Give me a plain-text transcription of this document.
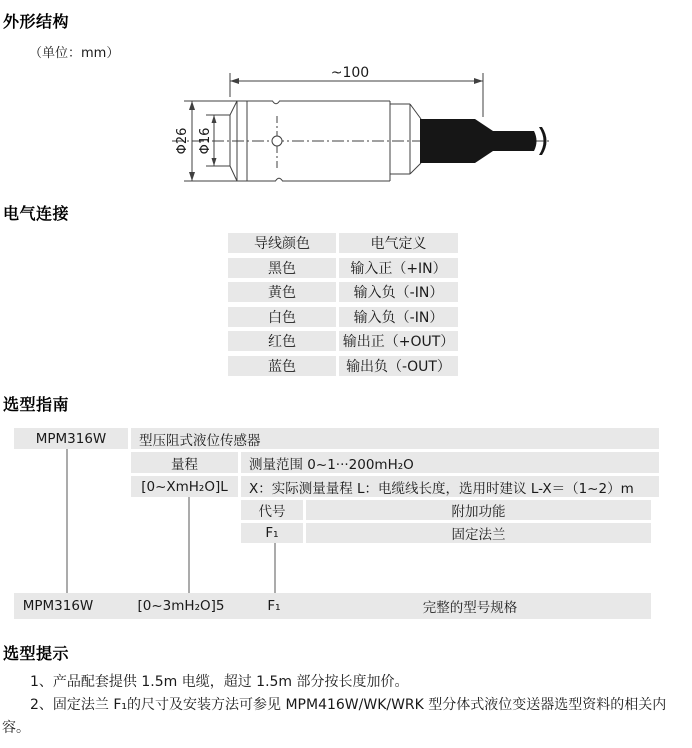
外形结构
（单位：mm）
~100
Φ26 Φ16
电气连接
导线颜色	电气定义
黑色	输入正（+IN）
黄色	输入负（-IN）
白色	输入负（-IN）
红色	输出正（+OUT）
蓝色	输出负（-OUT）
选型指南
MPM316W	型压阻式液位传感器
量程	测量范围 0~1···200mH₂O
[0~XmH₂O]L	X：实际测量量程 L：电缆线长度，选用时建议 L-X＝（1~2）m
代号	附加功能
F₁	固定法兰
MPM316W	[0~3mH₂O]5	F₁	完整的型号规格
选型提示

1、产品配套提供 1.5m 电缆，超过 1.5m 部分按长度加价。

2、固定法兰 F₁的尺寸及安装方法可参见 MPM416W/WK/WRK 型分体式液位变送器选型资料的相关内容。
